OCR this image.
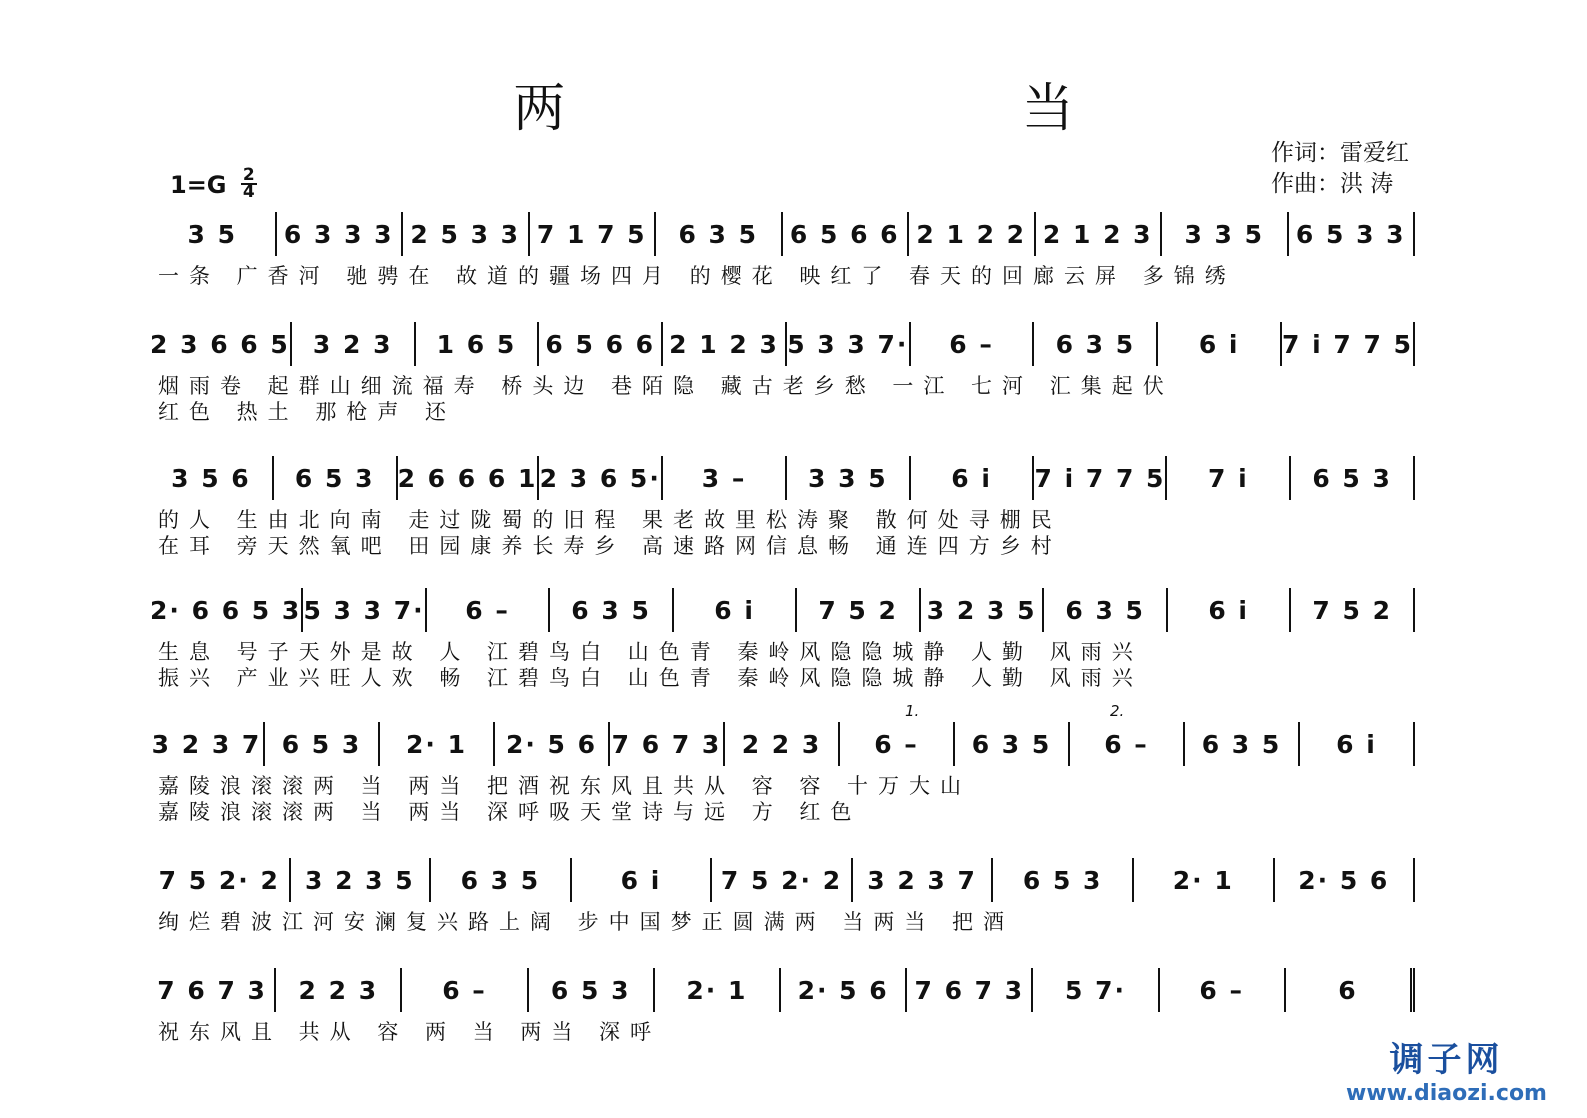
两 当
作词：雷爱红
作曲：洪 涛
$1=G \frac{2}{4}$
3 5 6 3 3 3 2 5 3 3 7 1 7 5 6 3 5 6 5 6 6 2 1 2 2 2 1 2 3 3 3 5 6 5 3 3
一条 广香河 驰骋在 故道的疆场四月 的樱花 映红了 春天的回廊云屏 多锦绣
2 3 6 6 5 3 2 3 1 6 5 6 5 6 6 2 1 2 3 5 3 3 7· 6 – 6 3 5	6 i 7 i 7 7 5
烟雨卷 起群山细流福寿 桥头边 巷陌隐 藏古老乡愁 一江 七河 汇集起伏
红色 热土 那枪声 还
3 5 6 6 5 3 2 6 6 6 1 2 3 6 5· 3 – 3 3 5	6 i 7 i 7 7 5 7 i	6 5 3
的人 生由北向南 走过陇蜀的旧程 果老故里松涛聚 散何处寻棚民
在耳 旁天然氧吧 田园康养长寿乡 高速路网信息畅 通连四方乡村
2· 6 6 5 3 5 3 3 7· 6 – 6 3 5	6 i	7 5 2 3 2 3 5 6 3 5	6 i	7 5 2
生息 号子天外是故 人 江碧鸟白 山色青 秦岭风隐隐城静 人勤 风雨兴
振兴 产业兴旺人欢 畅 江碧鸟白 山色青 秦岭风隐隐城静 人勤 风雨兴
3 2 3 7 6 5 3 2· 1 2· 5 6 7 6 7 3 2 2 3 6 – 6 3 5 6 – 6 3 5 6 i
嘉陵浪滚滚两 当 两当 把酒祝东风且共从 容 容 十万大山
嘉陵浪滚滚两 当 两当 深呼吸天堂诗与远 方 红色
1.	2.
7 5 2· 2 3 2 3 5 6 3 5	6 i 7 5 2· 2 3 2 3 7 6 5 3	2· 1	2· 5 6
绚烂碧波江河安澜复兴路上阔 步中国梦正圆满两 当两当 把酒
7 6 7 3 2 2 3	6 –	6 5 3 2· 1 2· 5 6 7 6 7 3 5 7·	6 –	6
祝东风且 共从 容 两 当 两当 深呼
调子网
www.diaozi.com
